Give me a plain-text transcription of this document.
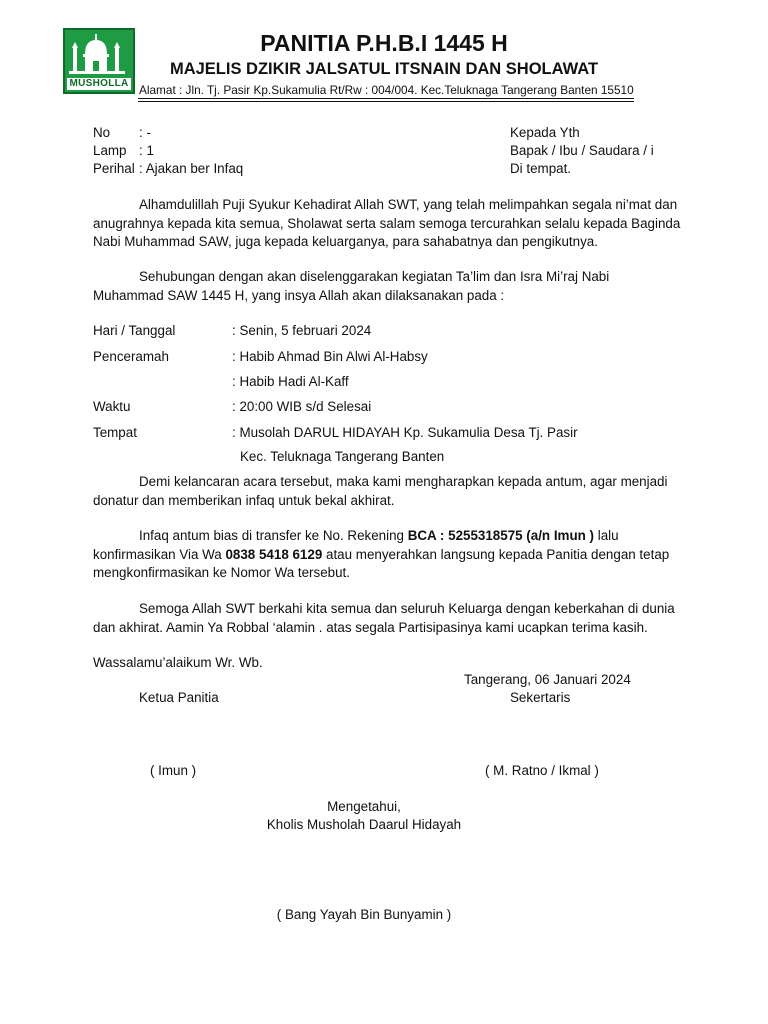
MUSHOLLA
PANITIA P.H.B.I 1445 H
MAJELIS DZIKIR JALSATUL ITSNAIN DAN SHOLAWAT
Alamat : Jln. Tj. Pasir Kp.Sukamulia Rt/Rw : 004/004. Kec.Teluknaga Tangerang Banten 15510
No : -
Lamp : 1
Perihal : Ajakan ber Infaq
Kepada Yth
Bapak / Ibu / Saudara / i
Di tempat.
Alhamdulillah Puji Syukur Kehadirat Allah SWT, yang telah melimpahkan segala ni’mat dan anugrahnya kepada kita semua, Sholawat serta salam semoga tercurahkan selalu kepada Baginda Nabi Muhammad SAW, juga kepada keluarganya, para sahabatnya dan pengikutnya.
Sehubungan dengan akan diselenggarakan kegiatan Ta’lim dan Isra Mi’raj Nabi Muhammad SAW 1445 H, yang insya Allah akan dilaksanakan pada :
Hari / Tanggal	: Senin, 5 februari 2024
Penceramah	: Habib Ahmad Bin Alwi Al-Habsy
: Habib Hadi Al-Kaff
Waktu	: 20:00 WIB s/d Selesai
Tempat	: Musolah DARUL HIDAYAH Kp. Sukamulia Desa Tj. Pasir
Kec. Teluknaga Tangerang Banten
Demi kelancaran acara tersebut, maka kami mengharapkan kepada antum, agar menjadi donatur dan memberikan infaq untuk bekal akhirat.
Infaq antum bias di transfer ke No. Rekening BCA : 5255318575 (a/n Imun ) lalu konfirmasikan Via Wa 0838 5418 6129 atau menyerahkan langsung kepada Panitia dengan tetap mengkonfirmasikan ke Nomor Wa tersebut.
Semoga Allah SWT berkahi kita semua dan seluruh Keluarga dengan keberkahan di dunia dan akhirat. Aamin Ya Robbal ‘alamin . atas segala Partisipasinya kami ucapkan terima kasih.
Wassalamu’alaikum Wr. Wb.
Tangerang, 06 Januari 2024
Ketua Panitia	Sekertaris
( Imun )	( M. Ratno / Ikmal )
Mengetahui,
Kholis Musholah Daarul Hidayah
( Bang Yayah Bin Bunyamin )
